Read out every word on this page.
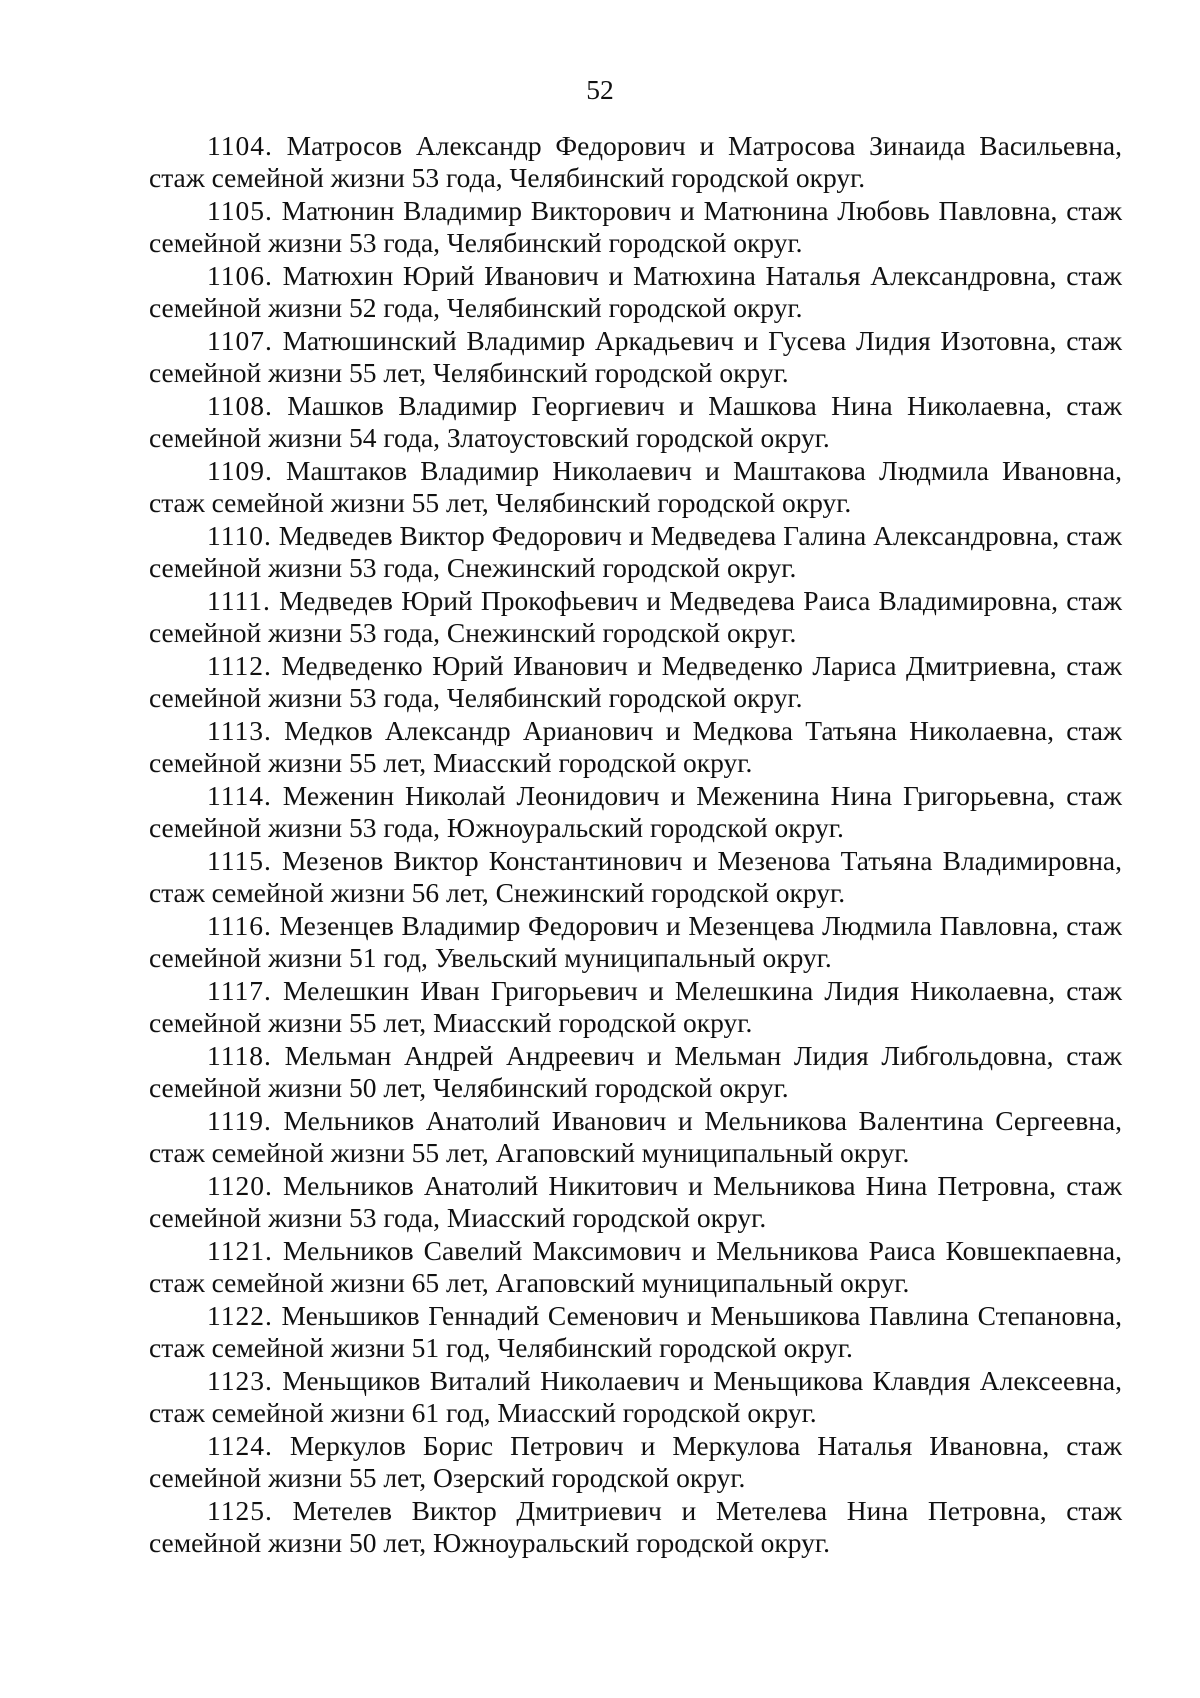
52

1104. Матросов Александр Федорович и Матросова Зинаида Васильевна, стаж семейной жизни 53 года, Челябинский городской округ.

1105. Матюнин Владимир Викторович и Матюнина Любовь Павловна, стаж семейной жизни 53 года, Челябинский городской округ.

1106. Матюхин Юрий Иванович и Матюхина Наталья Александровна, стаж семейной жизни 52 года, Челябинский городской округ.

1107. Матюшинский Владимир Аркадьевич и Гусева Лидия Изотовна, стаж семейной жизни 55 лет, Челябинский городской округ.

1108. Машков Владимир Георгиевич и Машкова Нина Николаевна, стаж семейной жизни 54 года, Златоустовский городской округ.

1109. Маштаков Владимир Николаевич и Маштакова Людмила Ивановна, стаж семейной жизни 55 лет, Челябинский городской округ.

1110. Медведев Виктор Федорович и Медведева Галина Александровна, стаж семейной жизни 53 года, Снежинский городской округ.

1111. Медведев Юрий Прокофьевич и Медведева Раиса Владимировна, стаж семейной жизни 53 года, Снежинский городской округ.

1112. Медведенко Юрий Иванович и Медведенко Лариса Дмитриевна, стаж семейной жизни 53 года, Челябинский городской округ.

1113. Медков Александр Арианович и Медкова Татьяна Николаевна, стаж семейной жизни 55 лет, Миасский городской округ.

1114. Меженин Николай Леонидович и Меженина Нина Григорьевна, стаж семейной жизни 53 года, Южноуральский городской округ.

1115. Мезенов Виктор Константинович и Мезенова Татьяна Владимировна, стаж семейной жизни 56 лет, Снежинский городской округ.

1116. Мезенцев Владимир Федорович и Мезенцева Людмила Павловна, стаж семейной жизни 51 год, Увельский муниципальный округ.

1117. Мелешкин Иван Григорьевич и Мелешкина Лидия Николаевна, стаж семейной жизни 55 лет, Миасский городской округ.

1118. Мельман Андрей Андреевич и Мельман Лидия Либгольдовна, стаж семейной жизни 50 лет, Челябинский городской округ.

1119. Мельников Анатолий Иванович и Мельникова Валентина Сергеевна, стаж семейной жизни 55 лет, Агаповский муниципальный округ.

1120. Мельников Анатолий Никитович и Мельникова Нина Петровна, стаж семейной жизни 53 года, Миасский городской округ.

1121. Мельников Савелий Максимович и Мельникова Раиса Ковшекпаевна, стаж семейной жизни 65 лет, Агаповский муниципальный округ.

1122. Меньшиков Геннадий Семенович и Меньшикова Павлина Степановна, стаж семейной жизни 51 год, Челябинский городской округ.

1123. Меньщиков Виталий Николаевич и Меньщикова Клавдия Алексеевна, стаж семейной жизни 61 год, Миасский городской округ.

1124. Меркулов Борис Петрович и Меркулова Наталья Ивановна, стаж семейной жизни 55 лет, Озерский городской округ.

1125. Метелев Виктор Дмитриевич и Метелева Нина Петровна, стаж семейной жизни 50 лет, Южноуральский городской округ.
